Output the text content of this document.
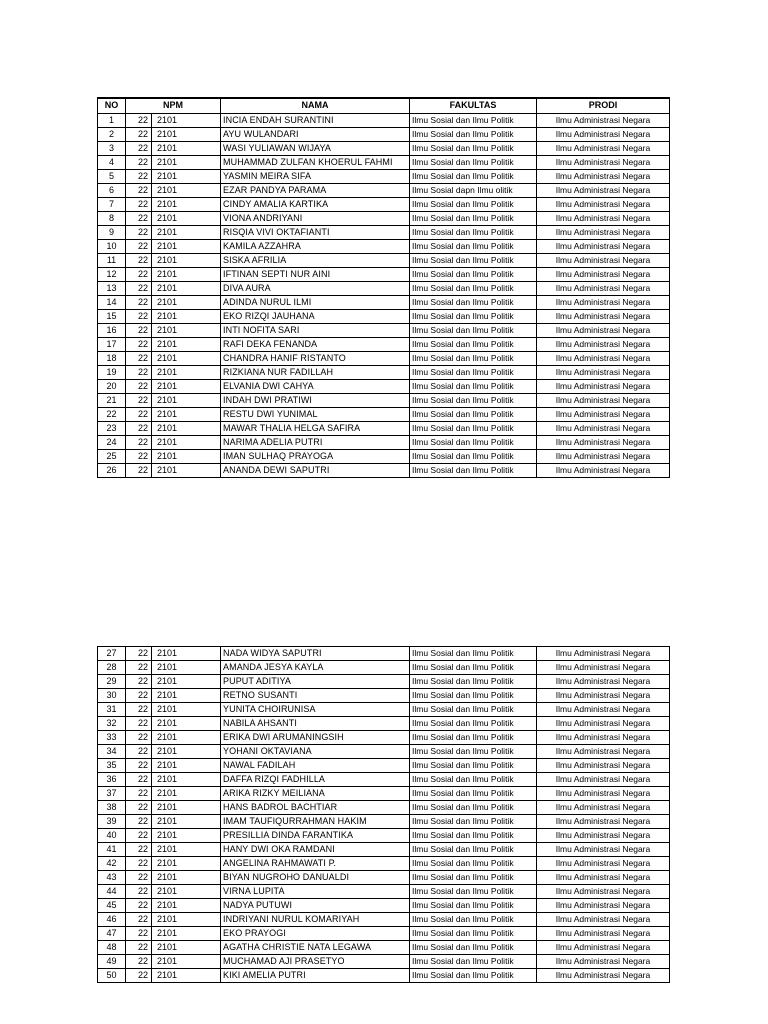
NO	NPM		NAMA	FAKULTAS	PRODI
1	22	2101	INCIA ENDAH SURANTINI	Ilmu Sosial dan Ilmu Politik	Ilmu Administrasi Negara
2	22	2101	AYU WULANDARI	Ilmu Sosial dan Ilmu Politik	Ilmu Administrasi Negara
3	22	2101	WASI YULIAWAN WIJAYA	Ilmu Sosial dan Ilmu Politik	Ilmu Administrasi Negara
4	22	2101	MUHAMMAD ZULFAN KHOERUL FAHMI	Ilmu Sosial dan Ilmu Politik	Ilmu Administrasi Negara
5	22	2101	YASMIN MEIRA SIFA	Ilmu Sosial dan Ilmu Politik	Ilmu Administrasi Negara
6	22	2101	EZAR PANDYA PARAMA	Ilmu Sosial dapn Ilmu olitik	Ilmu Administrasi Negara
7	22	2101	CINDY AMALIA KARTIKA	Ilmu Sosial dan Ilmu Politik	Ilmu Administrasi Negara
8	22	2101	VIONA ANDRIYANI	Ilmu Sosial dan Ilmu Politik	Ilmu Administrasi Negara
9	22	2101	RISQIA VIVI OKTAFIANTI	Ilmu Sosial dan Ilmu Politik	Ilmu Administrasi Negara
10	22	2101	KAMILA AZZAHRA	Ilmu Sosial dan Ilmu Politik	Ilmu Administrasi Negara
11	22	2101	SISKA AFRILIA	Ilmu Sosial dan Ilmu Politik	Ilmu Administrasi Negara
12	22	2101	IFTINAN SEPTI NUR AINI	Ilmu Sosial dan Ilmu Politik	Ilmu Administrasi Negara
13	22	2101	DIVA AURA	Ilmu Sosial dan Ilmu Politik	Ilmu Administrasi Negara
14	22	2101	ADINDA NURUL ILMI	Ilmu Sosial dan Ilmu Politik	Ilmu Administrasi Negara
15	22	2101	EKO RIZQI JAUHANA	Ilmu Sosial dan Ilmu Politik	Ilmu Administrasi Negara
16	22	2101	INTI NOFITA SARI	Ilmu Sosial dan Ilmu Politik	Ilmu Administrasi Negara
17	22	2101	RAFI DEKA FENANDA	Ilmu Sosial dan Ilmu Politik	Ilmu Administrasi Negara
18	22	2101	CHANDRA HANIF RISTANTO	Ilmu Sosial dan Ilmu Politik	Ilmu Administrasi Negara
19	22	2101	RIZKIANA NUR FADILLAH	Ilmu Sosial dan Ilmu Politik	Ilmu Administrasi Negara
20	22	2101	ELVANIA DWI CAHYA	Ilmu Sosial dan Ilmu Politik	Ilmu Administrasi Negara
21	22	2101	INDAH DWI PRATIWI	Ilmu Sosial dan Ilmu Politik	Ilmu Administrasi Negara
22	22	2101	RESTU DWI YUNIMAL	Ilmu Sosial dan Ilmu Politik	Ilmu Administrasi Negara
23	22	2101	MAWAR THALIA HELGA SAFIRA	Ilmu Sosial dan Ilmu Politik	Ilmu Administrasi Negara
24	22	2101	NARIMA ADELIA PUTRI	Ilmu Sosial dan Ilmu Politik	Ilmu Administrasi Negara
25	22	2101	IMAN SULHAQ PRAYOGA	Ilmu Sosial dan Ilmu Politik	Ilmu Administrasi Negara
26	22	2101	ANANDA DEWI SAPUTRI	Ilmu Sosial dan Ilmu Politik	Ilmu Administrasi Negara
27	22	2101	NADA WIDYA SAPUTRI	Ilmu Sosial dan Ilmu Politik	Ilmu Administrasi Negara
28	22	2101	AMANDA JESYA KAYLA	Ilmu Sosial dan Ilmu Politik	Ilmu Administrasi Negara
29	22	2101	PUPUT ADITIYA	Ilmu Sosial dan Ilmu Politik	Ilmu Administrasi Negara
30	22	2101	RETNO SUSANTI	Ilmu Sosial dan Ilmu Politik	Ilmu Administrasi Negara
31	22	2101	YUNITA CHOIRUNISA	Ilmu Sosial dan Ilmu Politik	Ilmu Administrasi Negara
32	22	2101	NABILA AHSANTI	Ilmu Sosial dan Ilmu Politik	Ilmu Administrasi Negara
33	22	2101	ERIKA DWI ARUMANINGSIH	Ilmu Sosial dan Ilmu Politik	Ilmu Administrasi Negara
34	22	2101	YOHANI OKTAVIANA	Ilmu Sosial dan Ilmu Politik	Ilmu Administrasi Negara
35	22	2101	NAWAL FADILAH	Ilmu Sosial dan Ilmu Politik	Ilmu Administrasi Negara
36	22	2101	DAFFA RIZQI FADHILLA	Ilmu Sosial dan Ilmu Politik	Ilmu Administrasi Negara
37	22	2101	ARIKA RIZKY MEILIANA	Ilmu Sosial dan Ilmu Politik	Ilmu Administrasi Negara
38	22	2101	HANS BADROL BACHTIAR	Ilmu Sosial dan Ilmu Politik	Ilmu Administrasi Negara
39	22	2101	IMAM TAUFIQURRAHMAN HAKIM	Ilmu Sosial dan Ilmu Politik	Ilmu Administrasi Negara
40	22	2101	PRESILLIA DINDA FARANTIKA	Ilmu Sosial dan Ilmu Politik	Ilmu Administrasi Negara
41	22	2101	HANY DWI OKA RAMDANI	Ilmu Sosial dan Ilmu Politik	Ilmu Administrasi Negara
42	22	2101	ANGELINA RAHMAWATI P.	Ilmu Sosial dan Ilmu Politik	Ilmu Administrasi Negara
43	22	2101	BIYAN NUGROHO DANUALDI	Ilmu Sosial dan Ilmu Politik	Ilmu Administrasi Negara
44	22	2101	VIRNA LUPITA	Ilmu Sosial dan Ilmu Politik	Ilmu Administrasi Negara
45	22	2101	NADYA PUTUWI	Ilmu Sosial dan Ilmu Politik	Ilmu Administrasi Negara
46	22	2101	INDRIYANI NURUL KOMARIYAH	Ilmu Sosial dan Ilmu Politik	Ilmu Administrasi Negara
47	22	2101	EKO PRAYOGI	Ilmu Sosial dan Ilmu Politik	Ilmu Administrasi Negara
48	22	2101	AGATHA CHRISTIE NATA LEGAWA	Ilmu Sosial dan Ilmu Politik	Ilmu Administrasi Negara
49	22	2101	MUCHAMAD AJI PRASETYO	Ilmu Sosial dan Ilmu Politik	Ilmu Administrasi Negara
50	22	2101	KIKI AMELIA PUTRI	Ilmu Sosial dan Ilmu Politik	Ilmu Administrasi Negara
